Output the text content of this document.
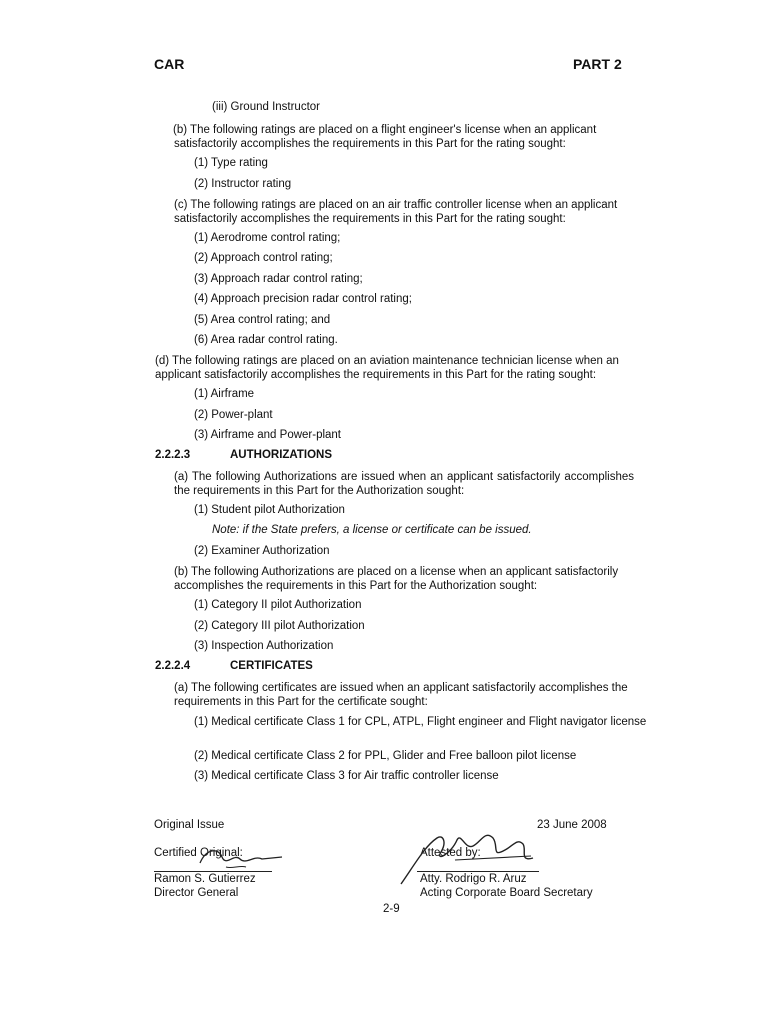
CAR	PART 2
(iii) Ground Instructor
(b) The following ratings are placed on a flight engineer's license when an applicant satisfactorily accomplishes the requirements in this Part for the rating sought:
(1) Type rating
(2) Instructor rating
(c) The following ratings are placed on an air traffic controller license when an applicant satisfactorily accomplishes the requirements in this Part for the rating sought:
(1) Aerodrome control rating;
(2) Approach control rating;
(3) Approach radar control rating;
(4) Approach precision radar control rating;
(5) Area control rating; and
(6) Area radar control rating.
(d) The following ratings are placed on an aviation maintenance technician license when an applicant satisfactorily accomplishes the requirements in this Part for the rating sought:
(1) Airframe
(2) Power-plant
(3) Airframe and Power-plant
2.2.2.3	AUTHORIZATIONS
(a) The following Authorizations are issued when an applicant satisfactorily accomplishes the requirements in this Part for the Authorization sought:
(1) Student pilot Authorization
Note: if the State prefers, a license or certificate can be issued.
(2) Examiner Authorization
(b) The following Authorizations are placed on a license when an applicant satisfactorily accomplishes the requirements in this Part for the Authorization sought:
(1) Category II pilot Authorization
(2) Category III pilot Authorization
(3) Inspection Authorization
2.2.2.4	CERTIFICATES
(a) The following certificates are issued when an applicant satisfactorily accomplishes the requirements in this Part for the certificate sought:
(1) Medical certificate Class 1 for CPL, ATPL, Flight engineer and Flight navigator license
(2) Medical certificate Class 2 for PPL, Glider and Free balloon pilot license
(3) Medical certificate Class 3 for Air traffic controller license
Original Issue	23 June 2008
Certified Original:
Ramon S. Gutierrez
Director General
Attested by:
Atty. Rodrigo R. Aruz
Acting Corporate Board Secretary
2-9
